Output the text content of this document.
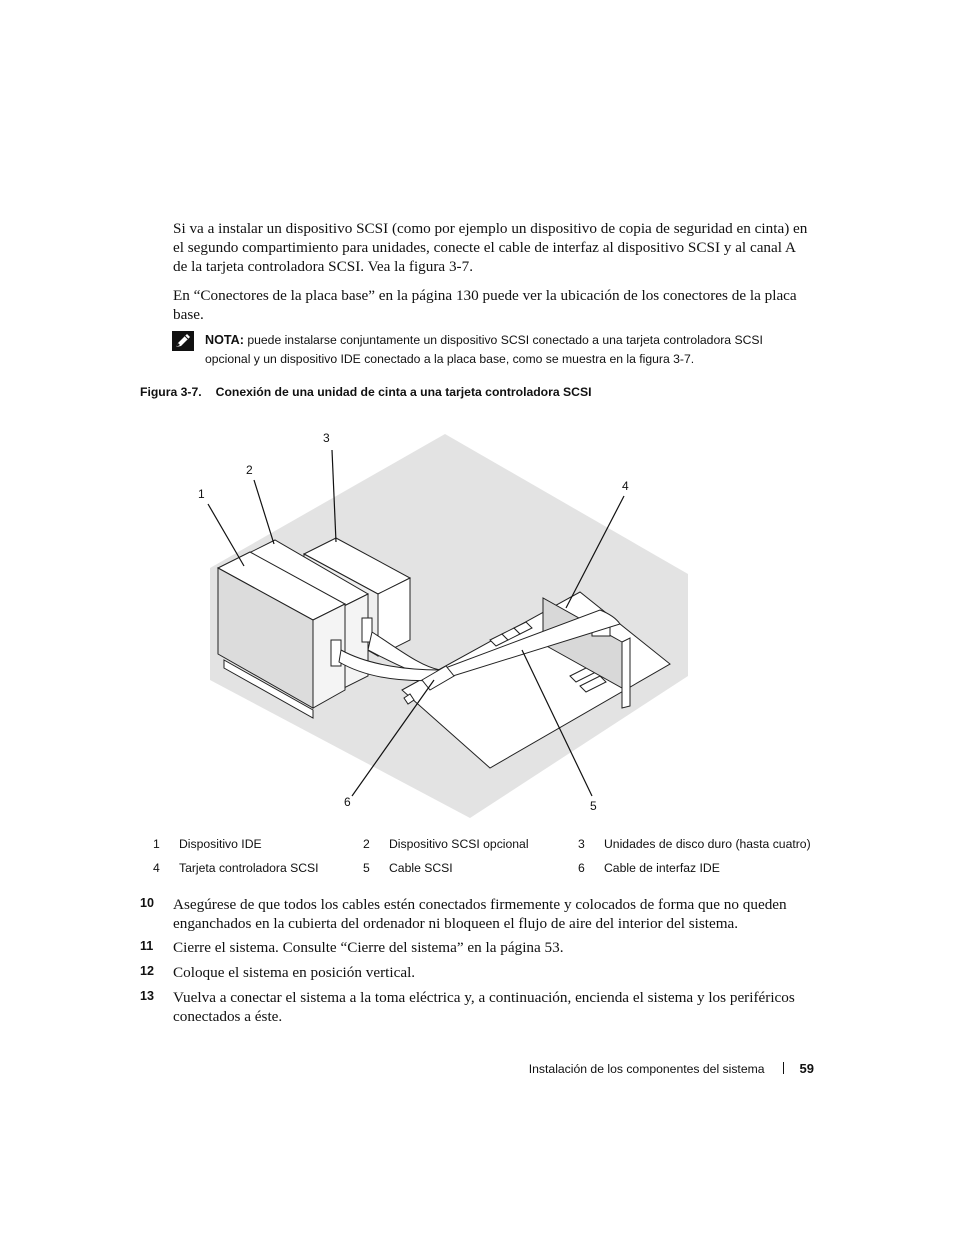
Si va a instalar un dispositivo SCSI (como por ejemplo un dispositivo de copia de seguridad en cinta) en el segundo compartimiento para unidades, conecte el cable de interfaz al dispositivo SCSI y al canal A de la tarjeta controladora SCSI. Vea la figura 3-7.
En “Conectores de la placa base” en la página 130 puede ver la ubicación de los conectores de la placa base.
NOTA: puede instalarse conjuntamente un dispositivo SCSI conectado a una tarjeta controladora SCSI opcional y un dispositivo IDE conectado a la placa base, como se muestra en la figura 3-7.
Figura 3-7. Conexión de una unidad de cinta a una tarjeta controladora SCSI
1
2
3
4
5
6
1	Dispositivo IDE	2	Dispositivo SCSI opcional	3	Unidades de disco duro (hasta cuatro)
4	Tarjeta controladora SCSI	5	Cable SCSI	6	Cable de interfaz IDE
10	Asegúrese de que todos los cables estén conectados firmemente y colocados de forma que no queden enganchados en la cubierta del ordenador ni bloqueen el flujo de aire del interior del sistema.
11	Cierre el sistema. Consulte “Cierre del sistema” en la página 53.
12	Coloque el sistema en posición vertical.
13	Vuelva a conectar el sistema a la toma eléctrica y, a continuación, encienda el sistema y los periféricos conectados a éste.
Instalación de los componentes del sistema	59
